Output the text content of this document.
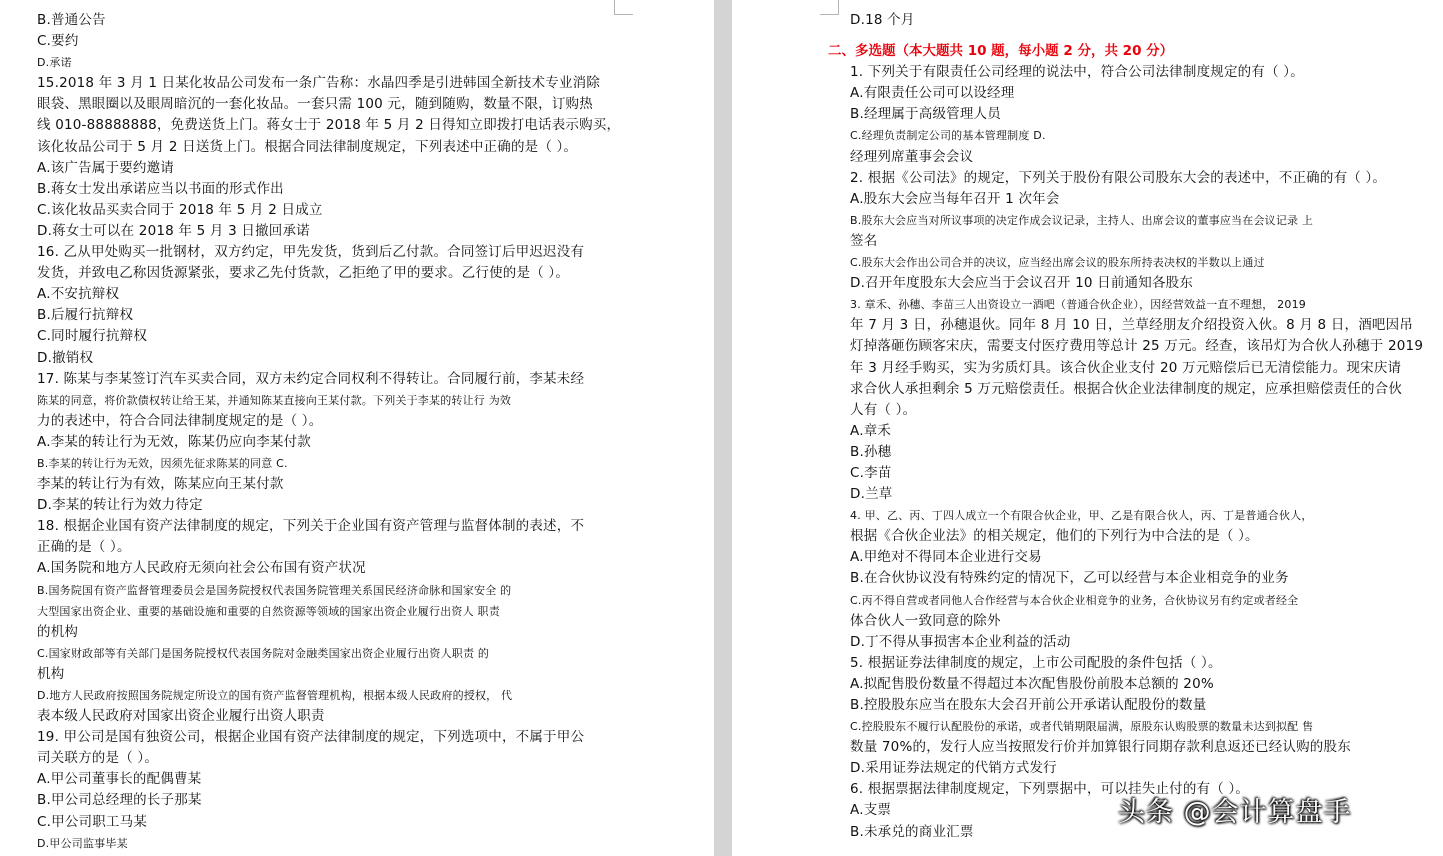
B.普通公告
C.要约
D.承诺
15.2018 年 3 月 1 日某化妆品公司发布一条广告称：水晶四季是引进韩国全新技术专业消除
眼袋、黑眼圈以及眼周暗沉的一套化妆品。一套只需 100 元，随到随购，数量不限，订购热
线 010-88888888，免费送货上门。蒋女士于 2018 年 5 月 2 日得知立即拨打电话表示购买，
该化妆品公司于 5 月 2 日送货上门。根据合同法律制度规定，下列表述中正确的是（ ）。
A.该广告属于要约邀请
B.蒋女士发出承诺应当以书面的形式作出
C.该化妆品买卖合同于 2018 年 5 月 2 日成立
D.蒋女士可以在 2018 年 5 月 3 日撤回承诺
16. 乙从甲处购买一批钢材，双方约定，甲先发货，货到后乙付款。合同签订后甲迟迟没有
发货，并致电乙称因货源紧张，要求乙先付货款，乙拒绝了甲的要求。乙行使的是（ ）。
A.不安抗辩权
B.后履行抗辩权
C.同时履行抗辩权
D.撤销权
17. 陈某与李某签订汽车买卖合同，双方未约定合同权利不得转让。合同履行前，李某未经
陈某的同意，将价款债权转让给王某，并通知陈某直接向王某付款。下列关于李某的转让行 为效
力的表述中，符合合同法律制度规定的是（ ）。
A.李某的转让行为无效，陈某仍应向李某付款
B.李某的转让行为无效，因须先征求陈某的同意 C.
李某的转让行为有效，陈某应向王某付款
D.李某的转让行为效力待定
18. 根据企业国有资产法律制度的规定，下列关于企业国有资产管理与监督体制的表述，不
正确的是（ ）。
A.国务院和地方人民政府无须向社会公布国有资产状况
B.国务院国有资产监督管理委员会是国务院授权代表国务院管理关系国民经济命脉和国家安全 的
大型国家出资企业、重要的基础设施和重要的自然资源等领域的国家出资企业履行出资人 职责
的机构
C.国家财政部等有关部门是国务院授权代表国务院对金融类国家出资企业履行出资人职责 的
机构
D.地方人民政府按照国务院规定所设立的国有资产监督管理机构，根据本级人民政府的授权， 代
表本级人民政府对国家出资企业履行出资人职责
19. 甲公司是国有独资公司，根据企业国有资产法律制度的规定，下列选项中，不属于甲公
司关联方的是（ ）。
A.甲公司董事长的配偶曹某
B.甲公司总经理的长子那某
C.甲公司职工马某
D.甲公司监事毕某
D.18 个月
二、多选题（本大题共 10 题，每小题 2 分，共 20 分）
1. 下列关于有限责任公司经理的说法中，符合公司法律制度规定的有（ ）。
A.有限责任公司可以设经理
B.经理属于高级管理人员
C.经理负责制定公司的基本管理制度 D.
经理列席董事会会议
2. 根据《公司法》的规定，下列关于股份有限公司股东大会的表述中，不正确的有（ ）。
A.股东大会应当每年召开 1 次年会
B.股东大会应当对所议事项的决定作成会议记录，主持人、出席会议的董事应当在会议记录 上
签名
C.股东大会作出公司合并的决议，应当经出席会议的股东所持表决权的半数以上通过
D.召开年度股东大会应当于会议召开 10 日前通知各股东
3. 章禾、孙穗、李苗三人出资设立一酒吧（普通合伙企业），因经营效益一直不理想， 2019
年 7 月 3 日，孙穗退伙。同年 8 月 10 日，兰草经朋友介绍投资入伙。8 月 8 日，酒吧因吊
灯掉落砸伤顾客宋庆，需要支付医疗费用等总计 25 万元。经查，该吊灯为合伙人孙穗于 2019
年 3 月经手购买，实为劣质灯具。该合伙企业支付 20 万元赔偿后已无清偿能力。现宋庆请
求合伙人承担剩余 5 万元赔偿责任。根据合伙企业法律制度的规定，应承担赔偿责任的合伙
人有（ ）。
A.章禾
B.孙穗
C.李苗
D.兰草
4. 甲、乙、丙、丁四人成立一个有限合伙企业，甲、乙是有限合伙人，丙、丁是普通合伙人，
根据《合伙企业法》的相关规定，他们的下列行为中合法的是（ ）。
A.甲绝对不得同本企业进行交易
B.在合伙协议没有特殊约定的情况下，乙可以经营与本企业相竞争的业务
C.丙不得自营或者同他人合作经营与本合伙企业相竞争的业务，合伙协议另有约定或者经全
体合伙人一致同意的除外
D.丁不得从事损害本企业利益的活动
5. 根据证券法律制度的规定，上市公司配股的条件包括（ ）。
A.拟配售股份数量不得超过本次配售股份前股本总额的 20%
B.控股股东应当在股东大会召开前公开承诺认配股份的数量
C.控股股东不履行认配股份的承诺，或者代销期限届满，原股东认购股票的数量未达到拟配 售
数量 70%的，发行人应当按照发行价并加算银行同期存款利息返还已经认购的股东
D.采用证券法规定的代销方式发行
6. 根据票据法律制度规定，下列票据中，可以挂失止付的有（ ）。
A.支票
B.未承兑的商业汇票
头条 @会计算盘手
